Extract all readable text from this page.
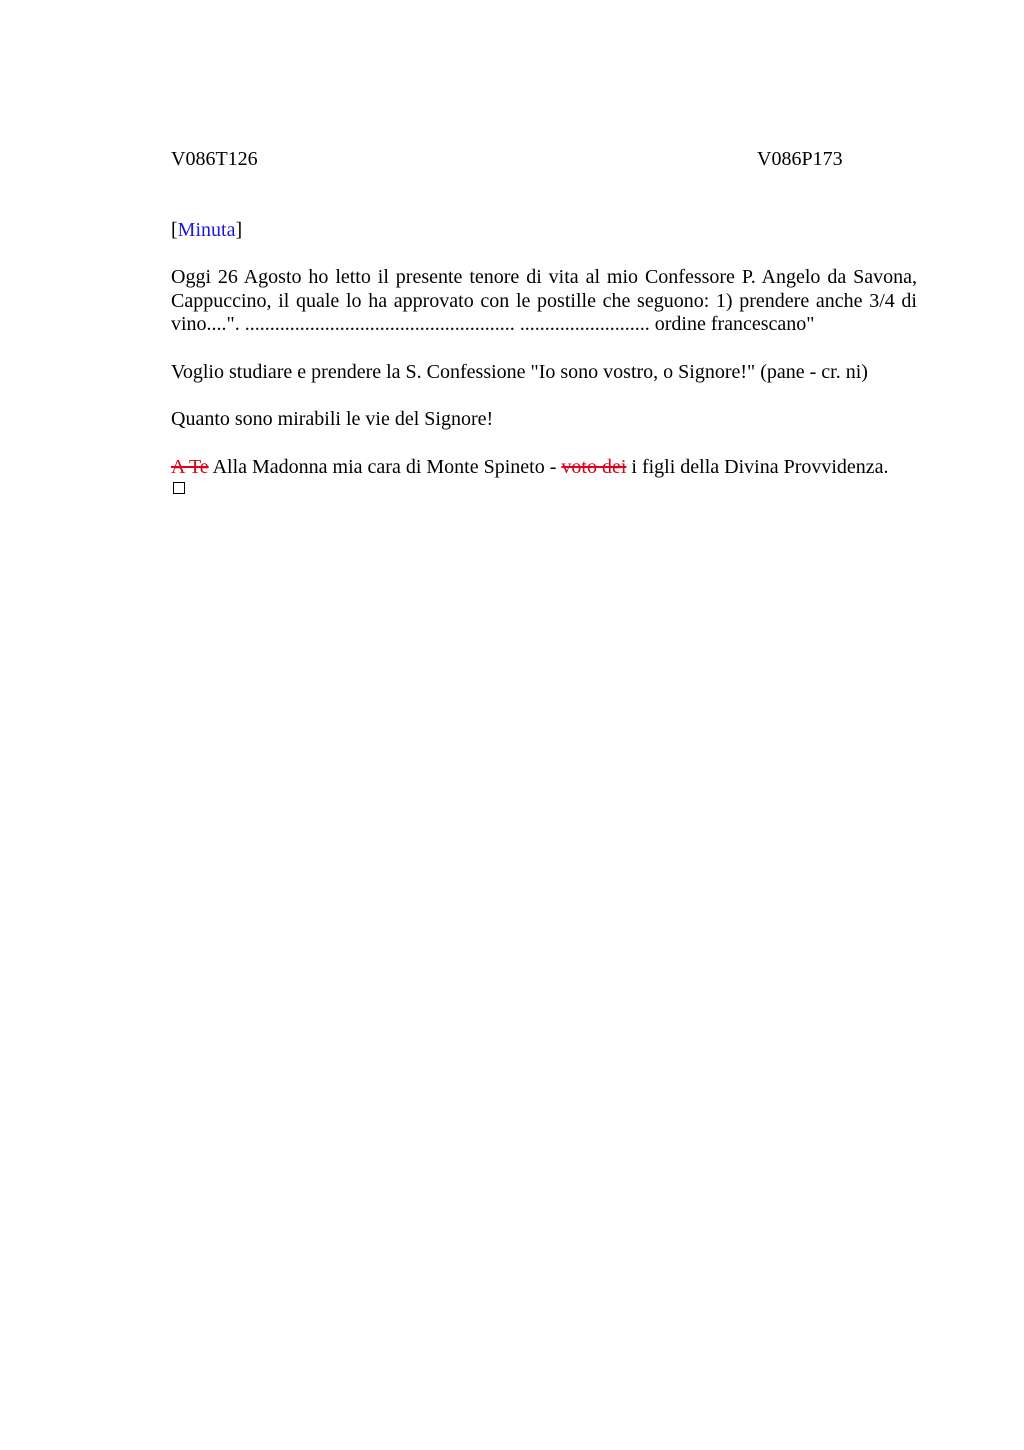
V086T126	V086P173
[Minuta]
Oggi 26 Agosto ho letto il presente tenore di vita al mio Confessore P. Angelo da Savona,
Cappuccino, il quale lo ha approvato con le postille che seguono: 1) prendere anche 3/4 di
vino....". ...................................................... .......................... ordine francescano"
Voglio studiare e prendere la S. Confessione "Io sono vostro, o Signore!" (pane - cr. ni)
Quanto sono mirabili le vie del Signore!
A Te Alla Madonna mia cara di Monte Spineto - voto dei i figli della Divina Provvidenza.
